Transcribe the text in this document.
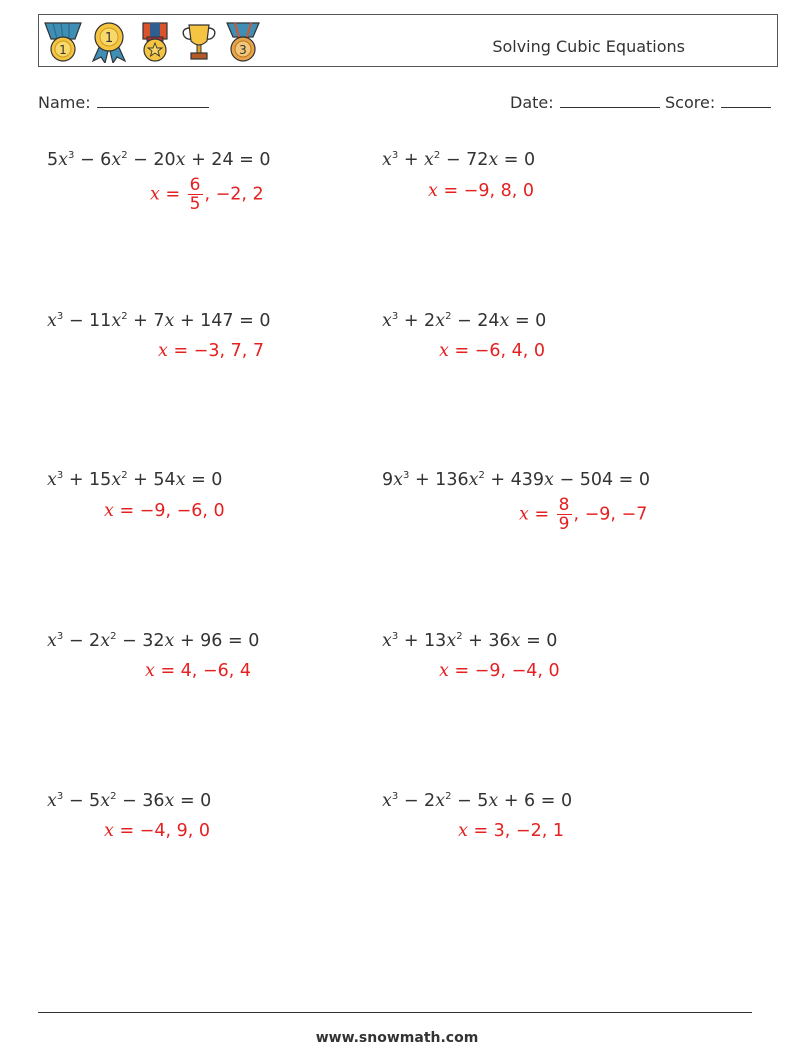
1
1
3	Solving Cubic Equations
Name:	Date:	Score:
$5x^3 - 6x^2 - 20x + 24 = 0$
$x = \frac{6}{5}$ , −2, 2
$x^3 + x^2 - 72x = 0$
x = −9, 8, 0
$x^3 - 11x^2 + 7x + 147 = 0$
x = −3, 7, 7
$x^3 + 2x^2 - 24x = 0$
x = −6, 4, 0
$x^3 + 15x^2 + 54x = 0$
x = −9, −6, 0
$9x^3 + 136x^2 + 439x - 504 = 0$
$x = \frac{8}{9}$ , −9, −7
$x^3 - 2x^2 - 32x + 96 = 0$
x = 4, −6, 4
$x^3 + 13x^2 + 36x = 0$
x = −9, −4, 0
$x^3 - 5x^2 - 36x = 0$
x = −4, 9, 0
$x^3 - 2x^2 - 5x + 6 = 0$
x = 3, −2, 1
www.snowmath.com
